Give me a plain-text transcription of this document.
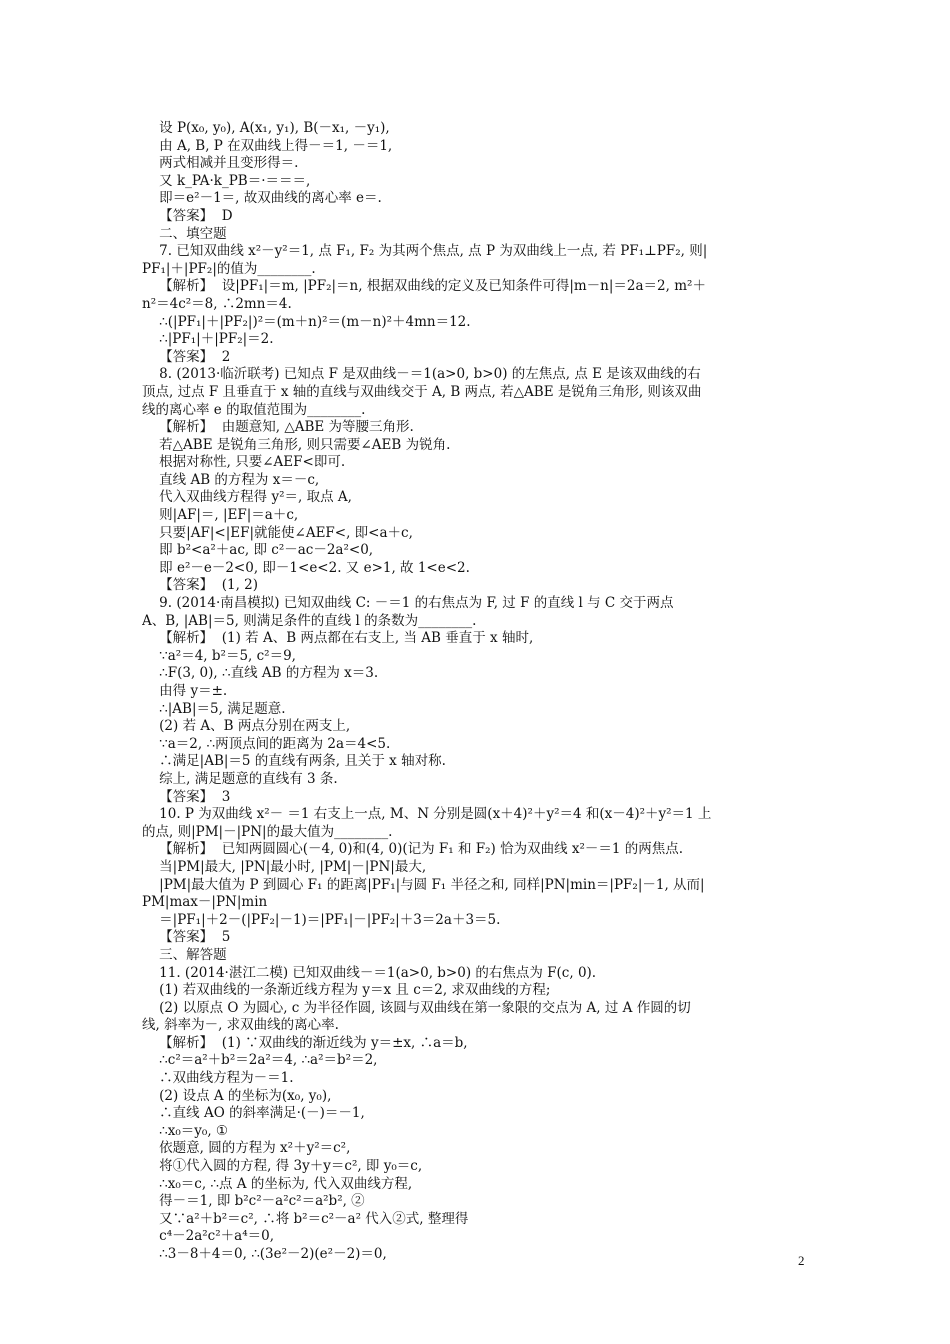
设 P(x₀, y₀), A(x₁, y₁), B(－x₁, －y₁),
由 A, B, P 在双曲线上得－＝1, －＝1,
两式相减并且变形得＝.
又 k_PA·k_PB＝·＝＝＝,
即＝e²－1＝, 故双曲线的离心率 e＝.
【答案】  D
二、填空题
7. 已知双曲线 x²－y²＝1, 点 F₁, F₂ 为其两个焦点, 点 P 为双曲线上一点, 若 PF₁⊥PF₂, 则|
PF₁|＋|PF₂|的值为________.
【解析】  设|PF₁|＝m, |PF₂|＝n, 根据双曲线的定义及已知条件可得|m－n|＝2a＝2, m²＋
n²＝4c²＝8, ∴2mn＝4.
∴(|PF₁|＋|PF₂|)²＝(m＋n)²＝(m－n)²＋4mn＝12.
∴|PF₁|＋|PF₂|＝2.
【答案】  2
8. (2013·临沂联考) 已知点 F 是双曲线－＝1(a>0, b>0) 的左焦点, 点 E 是该双曲线的右
顶点, 过点 F 且垂直于 x 轴的直线与双曲线交于 A, B 两点, 若△ABE 是锐角三角形, 则该双曲
线的离心率 e 的取值范围为________.
【解析】  由题意知, △ABE 为等腰三角形.
若△ABE 是锐角三角形, 则只需要∠AEB 为锐角.
根据对称性, 只要∠AEF<即可.
直线 AB 的方程为 x＝－c,
代入双曲线方程得 y²＝, 取点 A,
则|AF|＝, |EF|＝a＋c,
只要|AF|<|EF|就能使∠AEF<, 即<a＋c,
即 b²<a²＋ac, 即 c²－ac－2a²<0,
即 e²－e－2<0, 即－1<e<2. 又 e>1, 故 1<e<2.
【答案】  (1, 2)
9. (2014·南昌模拟) 已知双曲线 C: －＝1 的右焦点为 F, 过 F 的直线 l 与 C 交于两点
A、B, |AB|＝5, 则满足条件的直线 l 的条数为________.
【解析】  (1) 若 A、B 两点都在右支上, 当 AB 垂直于 x 轴时,
∵a²＝4, b²＝5, c²＝9,
∴F(3, 0), ∴直线 AB 的方程为 x＝3.
由得 y＝±.
∴|AB|＝5, 满足题意.
(2) 若 A、B 两点分别在两支上,
∵a＝2, ∴两顶点间的距离为 2a＝4<5.
∴满足|AB|＝5 的直线有两条, 且关于 x 轴对称.
综上, 满足题意的直线有 3 条.
【答案】  3
10. P 为双曲线 x²－ ＝1 右支上一点, M、N 分别是圆(x＋4)²＋y²＝4 和(x－4)²＋y²＝1 上
的点, 则|PM|－|PN|的最大值为________.
【解析】  已知两圆圆心(－4, 0)和(4, 0)(记为 F₁ 和 F₂) 恰为双曲线 x²－＝1 的两焦点.
当|PM|最大, |PN|最小时, |PM|－|PN|最大,
|PM|最大值为 P 到圆心 F₁ 的距离|PF₁|与圆 F₁ 半径之和, 同样|PN|min＝|PF₂|－1, 从而|
PM|max－|PN|min
＝|PF₁|＋2－(|PF₂|－1)＝|PF₁|－|PF₂|＋3＝2a＋3＝5.
【答案】  5
三、解答题
11. (2014·湛江二模) 已知双曲线－＝1(a>0, b>0) 的右焦点为 F(c, 0).
(1) 若双曲线的一条渐近线方程为 y＝x 且 c＝2, 求双曲线的方程;
(2) 以原点 O 为圆心, c 为半径作圆, 该圆与双曲线在第一象限的交点为 A, 过 A 作圆的切
线, 斜率为－, 求双曲线的离心率.
【解析】  (1) ∵双曲线的渐近线为 y＝±x, ∴a＝b,
∴c²＝a²＋b²＝2a²＝4, ∴a²＝b²＝2,
∴双曲线方程为－＝1.
(2) 设点 A 的坐标为(x₀, y₀),
∴直线 AO 的斜率满足·(－)＝－1,
∴x₀＝y₀, ①
依题意, 圆的方程为 x²＋y²＝c²,
将①代入圆的方程, 得 3y＋y＝c², 即 y₀＝c,
∴x₀＝c, ∴点 A 的坐标为, 代入双曲线方程,
得－＝1, 即 b²c²－a²c²＝a²b², ②
又∵a²＋b²＝c², ∴将 b²＝c²－a² 代入②式, 整理得
c⁴－2a²c²＋a⁴＝0,
∴3－8＋4＝0, ∴(3e²－2)(e²－2)＝0,	2
